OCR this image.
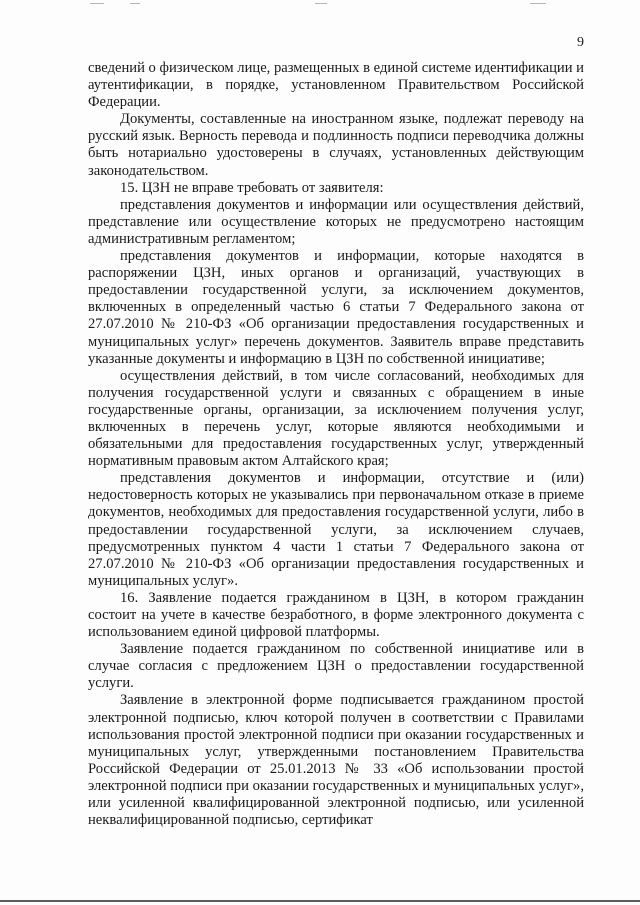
9

сведений о физическом лице, размещенных в единой системе идентификации и аутентификации, в порядке, установленном Правительством Российской Федерации.

Документы, составленные на иностранном языке, подлежат переводу на русский язык. Верность перевода и подлинность подписи переводчика должны быть нотариально удостоверены в случаях, установленных действующим законодательством.

15. ЦЗН не вправе требовать от заявителя:

представления документов и информации или осуществления действий, представление или осуществление которых не предусмотрено настоящим административным регламентом;

представления документов и информации, которые находятся в распоряжении ЦЗН, иных органов и организаций, участвующих в предоставлении государственной услуги, за исключением документов, включенных в определенный частью 6 статьи 7 Федерального закона от 27.07.2010 № 210-ФЗ «Об организации предоставления государственных и муниципальных услуг» перечень документов. Заявитель вправе представить указанные документы и информацию в ЦЗН по собственной инициативе;

осуществления действий, в том числе согласований, необходимых для получения государственной услуги и связанных с обращением в иные государственные органы, организации, за исключением получения услуг, включенных в перечень услуг, которые являются необходимыми и обязательными для предоставления государственных услуг, утвержденный нормативным правовым актом Алтайского края;

представления документов и информации, отсутствие и (или) недостоверность которых не указывались при первоначальном отказе в приеме документов, необходимых для предоставления государственной услуги, либо в предоставлении государственной услуги, за исключением случаев, предусмотренных пунктом 4 части 1 статьи 7 Федерального закона от 27.07.2010 № 210-ФЗ «Об организации предоставления государственных и муниципальных услуг».

16. Заявление подается гражданином в ЦЗН, в котором гражданин состоит на учете в качестве безработного, в форме электронного документа с использованием единой цифровой платформы.

Заявление подается гражданином по собственной инициативе или в случае согласия с предложением ЦЗН о предоставлении государственной услуги.

Заявление в электронной форме подписывается гражданином простой электронной подписью, ключ которой получен в соответствии с Правилами использования простой электронной подписи при оказании государственных и муниципальных услуг, утвержденными постановлением Правительства Российской Федерации от 25.01.2013 № 33 «Об использовании простой электронной подписи при оказании государственных и муниципальных услуг», или усиленной квалифицированной электронной подписью, или усиленной неквалифицированной подписью, сертификат
